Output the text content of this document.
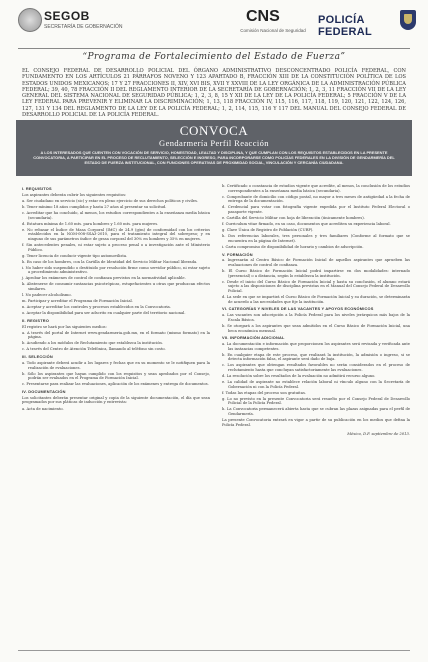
SEGOB
SECRETARÍA DE GOBERNACIÓN
CNS
Comisión Nacional de Seguridad
POLICÍA FEDERAL
“Programa de Fortalecimiento del Estado de Fuerza”
EL CONSEJO FEDERAL DE DESARROLLO POLICIAL DEL ÓRGANO ADMINISTRATIVO DESCONCENTRADO POLICÍA FEDERAL, CON FUNDAMENTO EN LOS ARTÍCULOS 21 PÁRRAFOS NOVENO Y 123 APARTADO B, FRACCIÓN XIII DE LA CONSTITUCIÓN POLÍTICA DE LOS ESTADOS UNIDOS MEXICANOS; 17 Y 27 FRACCIONES II, XIV, XVI BIS, XVII Y XXVIII DE LA LEY ORGÁNICA DE LA ADMINISTRACIÓN PÚBLICA FEDERAL; 39, 40, 78 FRACCIÓN II DEL REGLAMENTO INTERIOR DE LA SECRETARÍA DE GOBERNACIÓN; 1, 2, 3, 11 FRACCIÓN VII DE LA LEY GENERAL DEL SISTEMA NACIONAL DE SEGURIDAD PÚBLICA; 1, 2, 3, 8, 15 Y XII DE LA LEY DE LA POLICÍA FEDERAL; 5 FRACCIÓN V DE LA LEY FEDERAL PARA PREVENIR Y ELIMINAR LA DISCRIMINACIÓN; 1, 13, 118 FRACCIÓN IV, 115, 116, 117, 118, 119, 120, 121, 122, 124, 126, 127, 131 Y 134 DEL REGLAMENTO DE LA LEY DE LA POLICÍA FEDERAL; 1, 2, 114, 115, 116 Y 117 DEL MANUAL DEL CONSEJO FEDERAL DE DESARROLLO POLICIAL DE LA POLICÍA FEDERAL.
CONVOCA
Gendarmería Perfil Reacción
A LOS INTERESADOS QUE CUENTEN CON VOCACIÓN DE SERVICIO, HONESTIDAD, LEALTAD Y DISCIPLINA, Y QUE CUMPLAN CON LOS REQUISITOS ESTABLECIDOS EN LA PRESENTE CONVOCATORIA, A PARTICIPAR EN EL PROCESO DE RECLUTAMIENTO, SELECCIÓN E INGRESO, PARA INCORPORARSE COMO POLICÍAS FEDERALES EN LA DIVISIÓN DE GENDARMERÍA DEL ESTADO DE FUERZA INSTITUCIONAL, CON FUNCIONES OPERATIVAS DE PROXIMIDAD SOCIAL, VINCULACIÓN Y CERCANÍA CIUDADANA.
I. REQUISITOS
Los aspirantes deberán cubrir los siguientes requisitos:
a. Ser ciudadano en servicio (sic) y estar en pleno ejercicio de sus derechos políticos y civiles.
b. Tener mínimo 18 años cumplidos y hasta 27 años al presentar su solicitud.
c. Acreditar que ha concluido, al menos, los estudios correspondientes a la enseñanza media básica (secundaria).
d. Estatura mínima de 1.60 mts. para hombres y 1.60 mts. para mujeres.
e. No rebasar el Índice de Masa Corporal (IMC) de 24.9 (g/m) de conformidad con los criterios establecidos en la NOM-008-SSA3-2010, para el tratamiento integral del sobrepeso; y en ninguno de sus parámetros índice de grasa corporal del 30% en hombres y 35% en mujeres.
f. Sin antecedentes penales, ni estar sujeto a proceso penal o a investigación ante el Ministerio Público.
g. Tener licencia de conducir vigente tipo automovilista.
h. En caso de los hombres, con la Cartilla de Identidad del Servicio Militar Nacional liberada.
i. No haber sido suspendido o destituido por resolución firme como servidor público, ni estar sujeto a procedimiento administrativo.
j. Aprobar los exámenes de control de confianza previstos en la normatividad aplicable.
k. Abstenerse de consumir sustancias psicotrópicas, estupefacientes u otras que produzcan efectos similares.
l. No padecer alcoholismo.
m. Participar y acreditar el Programa de Formación Inicial.
n. Aceptar y acreditar los controles y procesos establecidos en la Convocatoria.
o. Aceptar la disponibilidad para ser adscrito en cualquier parte del territorio nacional.
II. REGISTRO
El registro se hará por las siguientes medios:
a. A través del portal de Internet www.gendarmeria.gob.mx, en el formato (mismo formato) en la página.
b. Acudiendo a los módulos de Reclutamiento que establezca la institución.
c. A través del Centro de Atención Telefónica, llamando al teléfono sin costo.
III. SELECCIÓN
a. Todo aspirante deberá acudir a los lugares y fechas que en su momento se le notifiquen para la realización de evaluaciones.
b. Sólo los aspirantes que hayan cumplido con los requisitos y sean aprobados por el Consejo, podrán ser evaluados en el Programa de Formación Inicial.
c. Presentarse para realizar las evaluaciones, aplicación de los exámenes y entrega de documentos.
IV. DOCUMENTACIÓN
Los solicitantes deberán presentar original y copia de la siguiente documentación, el día que sean programados por sus pláticas de inducción y entrevista:
a. Acta de nacimiento.
b. Certificado o constancia de estudios vigente que acredite, al menos, la conclusión de los estudios correspondientes a la enseñanza media básica (secundaria).
c. Comprobante de domicilio con código postal, no mayor a tres meses de antigüedad a la fecha de entrega de la documentación.
d. Credencial para votar con fotografía vigente expedida por el Instituto Federal Electoral o pasaporte vigente.
e. Cartilla del Servicio Militar con hoja de liberación (únicamente hombres).
f. Curriculum vitae firmado, en su caso, documentos que acrediten su experiencia laboral.
g. Clave Única de Registro de Población (CURP).
h. Dos referencias laborales, tres personales y tres familiares (Conforme al formato que se encuentra en la página de Internet).
i. Carta compromiso de disponibilidad de horario y cambios de adscripción.
V. FORMACIÓN
a. Ingresarán al Centro Básico de Formación Inicial de aquellos aspirantes que aprueben las evaluaciones de control de confianza.
b. El Curso Básico de Formación Inicial podrá impartirse en dos modalidades: internado (presencial) o a distancia, según lo establezca la institución.
c. Desde el inicio del Curso Básico de Formación Inicial y hasta su conclusión, el alumno estará sujeto a las disposiciones de disciplina previstas en el Manual del Consejo Federal de Desarrollo Policial.
d. La sede en que se impartirá el Curso Básico de Formación Inicial y su duración, se determinarán de acuerdo a las necesidades que fije la institución.
VI. CATEGORÍAS Y NIVELES DE LAS VACANTES Y APOYOS ECONÓMICOS
a. Las vacantes son adscripción a la Policía Federal para los niveles jerárquicos más bajos de la Escala Básica.
b. Se otorgará a los aspirantes que sean admitidos en el Curso Básico de Formación Inicial, una beca económica mensual.
VII. INFORMACIÓN ADICIONAL
a. La documentación e información que proporcionen los aspirantes será revisada y verificada ante las instancias competentes.
b. En cualquier etapa de este proceso, que realizará la institución, la admisión o ingreso, si se detecta información falsa, el aspirante será dado de baja.
c. Los aspirantes que obtengan resultados favorables no serán considerados en el proceso de reclutamiento hasta que concluyan satisfactoriamente las evaluaciones.
d. La resolución sobre los resultados de la evaluación no admitirá recurso alguno.
e. La calidad de aspirante no establece relación laboral ni vínculo alguno con la Secretaría de Gobernación ni con la Policía Federal.
f. Todas las etapas del proceso son gratuitas.
g. Lo no previsto en la presente Convocatoria será resuelto por el Consejo Federal de Desarrollo Policial de la Policía Federal.
h. La Convocatoria permanecerá abierta hasta que se cubran las plazas asignadas para el perfil de Gendarmería.
La presente Convocatoria entrará en vigor a partir de su publicación en los medios que defina la Policía Federal.
México, D.F. septiembre de 2013.
